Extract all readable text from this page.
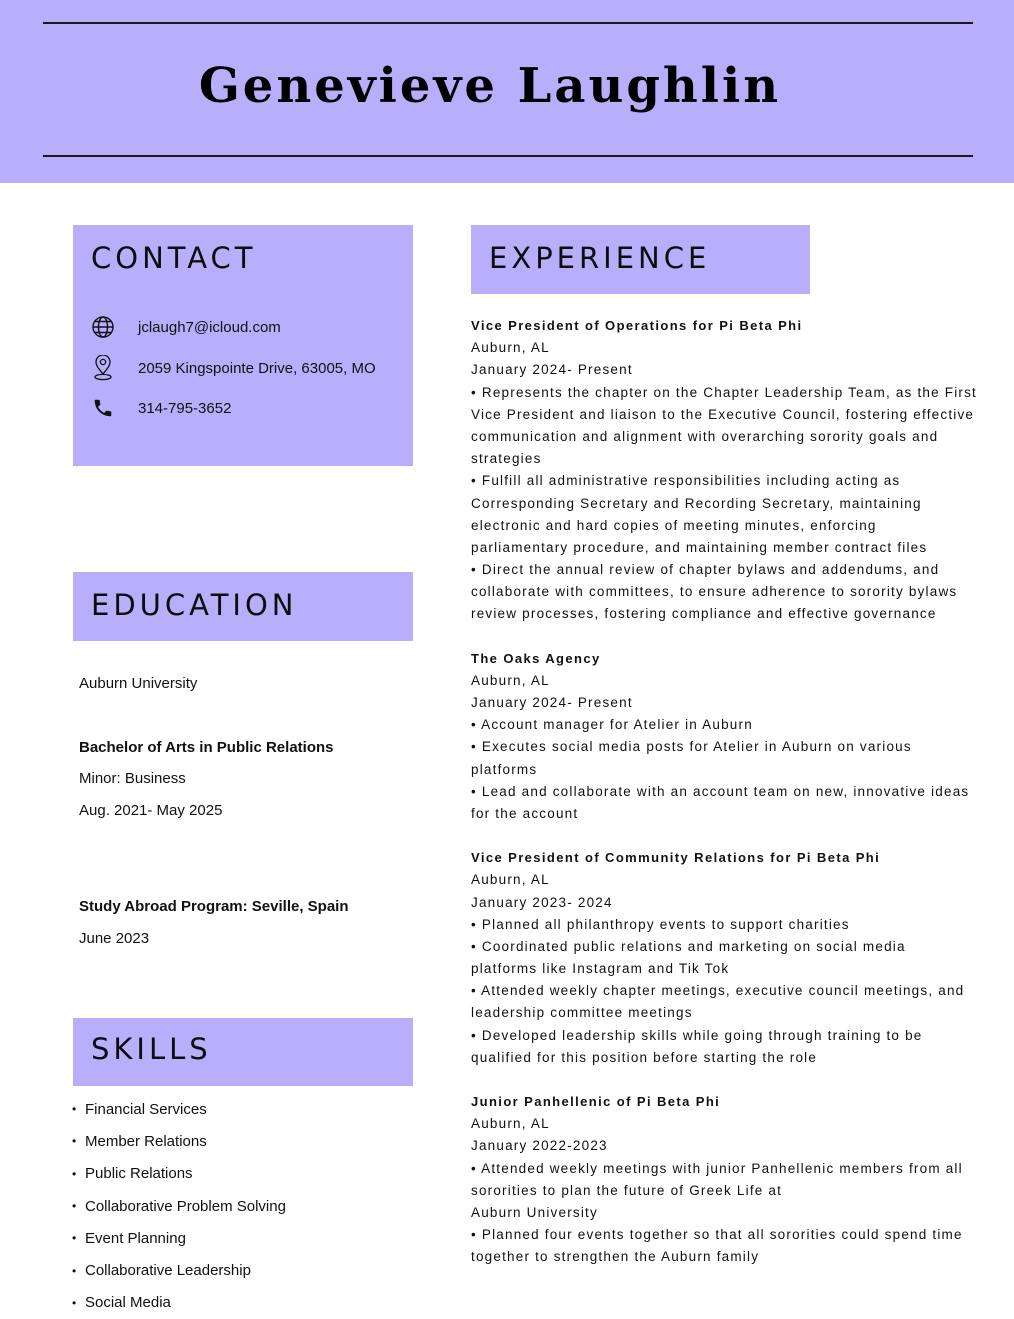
Genevieve Laughlin
CONTACT
jclaugh7@icloud.com
2059 Kingspointe Drive, 63005, MO
314-795-3652
EDUCATION
Auburn University
Bachelor of Arts in Public Relations
Minor: Business
Aug. 2021- May 2025
Study Abroad Program: Seville, Spain
June 2023
SKILLS
• Financial Services
• Member Relations
• Public Relations
• Collaborative Problem Solving
• Event Planning
• Collaborative Leadership
• Social Media
EXPERIENCE
Vice President of Operations for Pi Beta Phi
Auburn, AL
January 2024- Present
• Represents the chapter on the Chapter Leadership Team, as the First
Vice President and liaison to the Executive Council, fostering effective
communication and alignment with overarching sorority goals and
strategies
• Fulfill all administrative responsibilities including acting as
Corresponding Secretary and Recording Secretary, maintaining
electronic and hard copies of meeting minutes, enforcing
parliamentary procedure, and maintaining member contract files
• Direct the annual review of chapter bylaws and addendums, and
collaborate with committees, to ensure adherence to sorority bylaws
review processes, fostering compliance and effective governance
The Oaks Agency
Auburn, AL
January 2024- Present
• Account manager for Atelier in Auburn
• Executes social media posts for Atelier in Auburn on various
platforms
• Lead and collaborate with an account team on new, innovative ideas
for the account
Vice President of Community Relations for Pi Beta Phi
Auburn, AL
January 2023- 2024
• Planned all philanthropy events to support charities
• Coordinated public relations and marketing on social media
platforms like Instagram and Tik Tok
• Attended weekly chapter meetings, executive council meetings, and
leadership committee meetings
• Developed leadership skills while going through training to be
qualified for this position before starting the role
Junior Panhellenic of Pi Beta Phi
Auburn, AL
January 2022-2023
• Attended weekly meetings with junior Panhellenic members from all
sororities to plan the future of Greek Life at
Auburn University
• Planned four events together so that all sororities could spend time
together to strengthen the Auburn family
